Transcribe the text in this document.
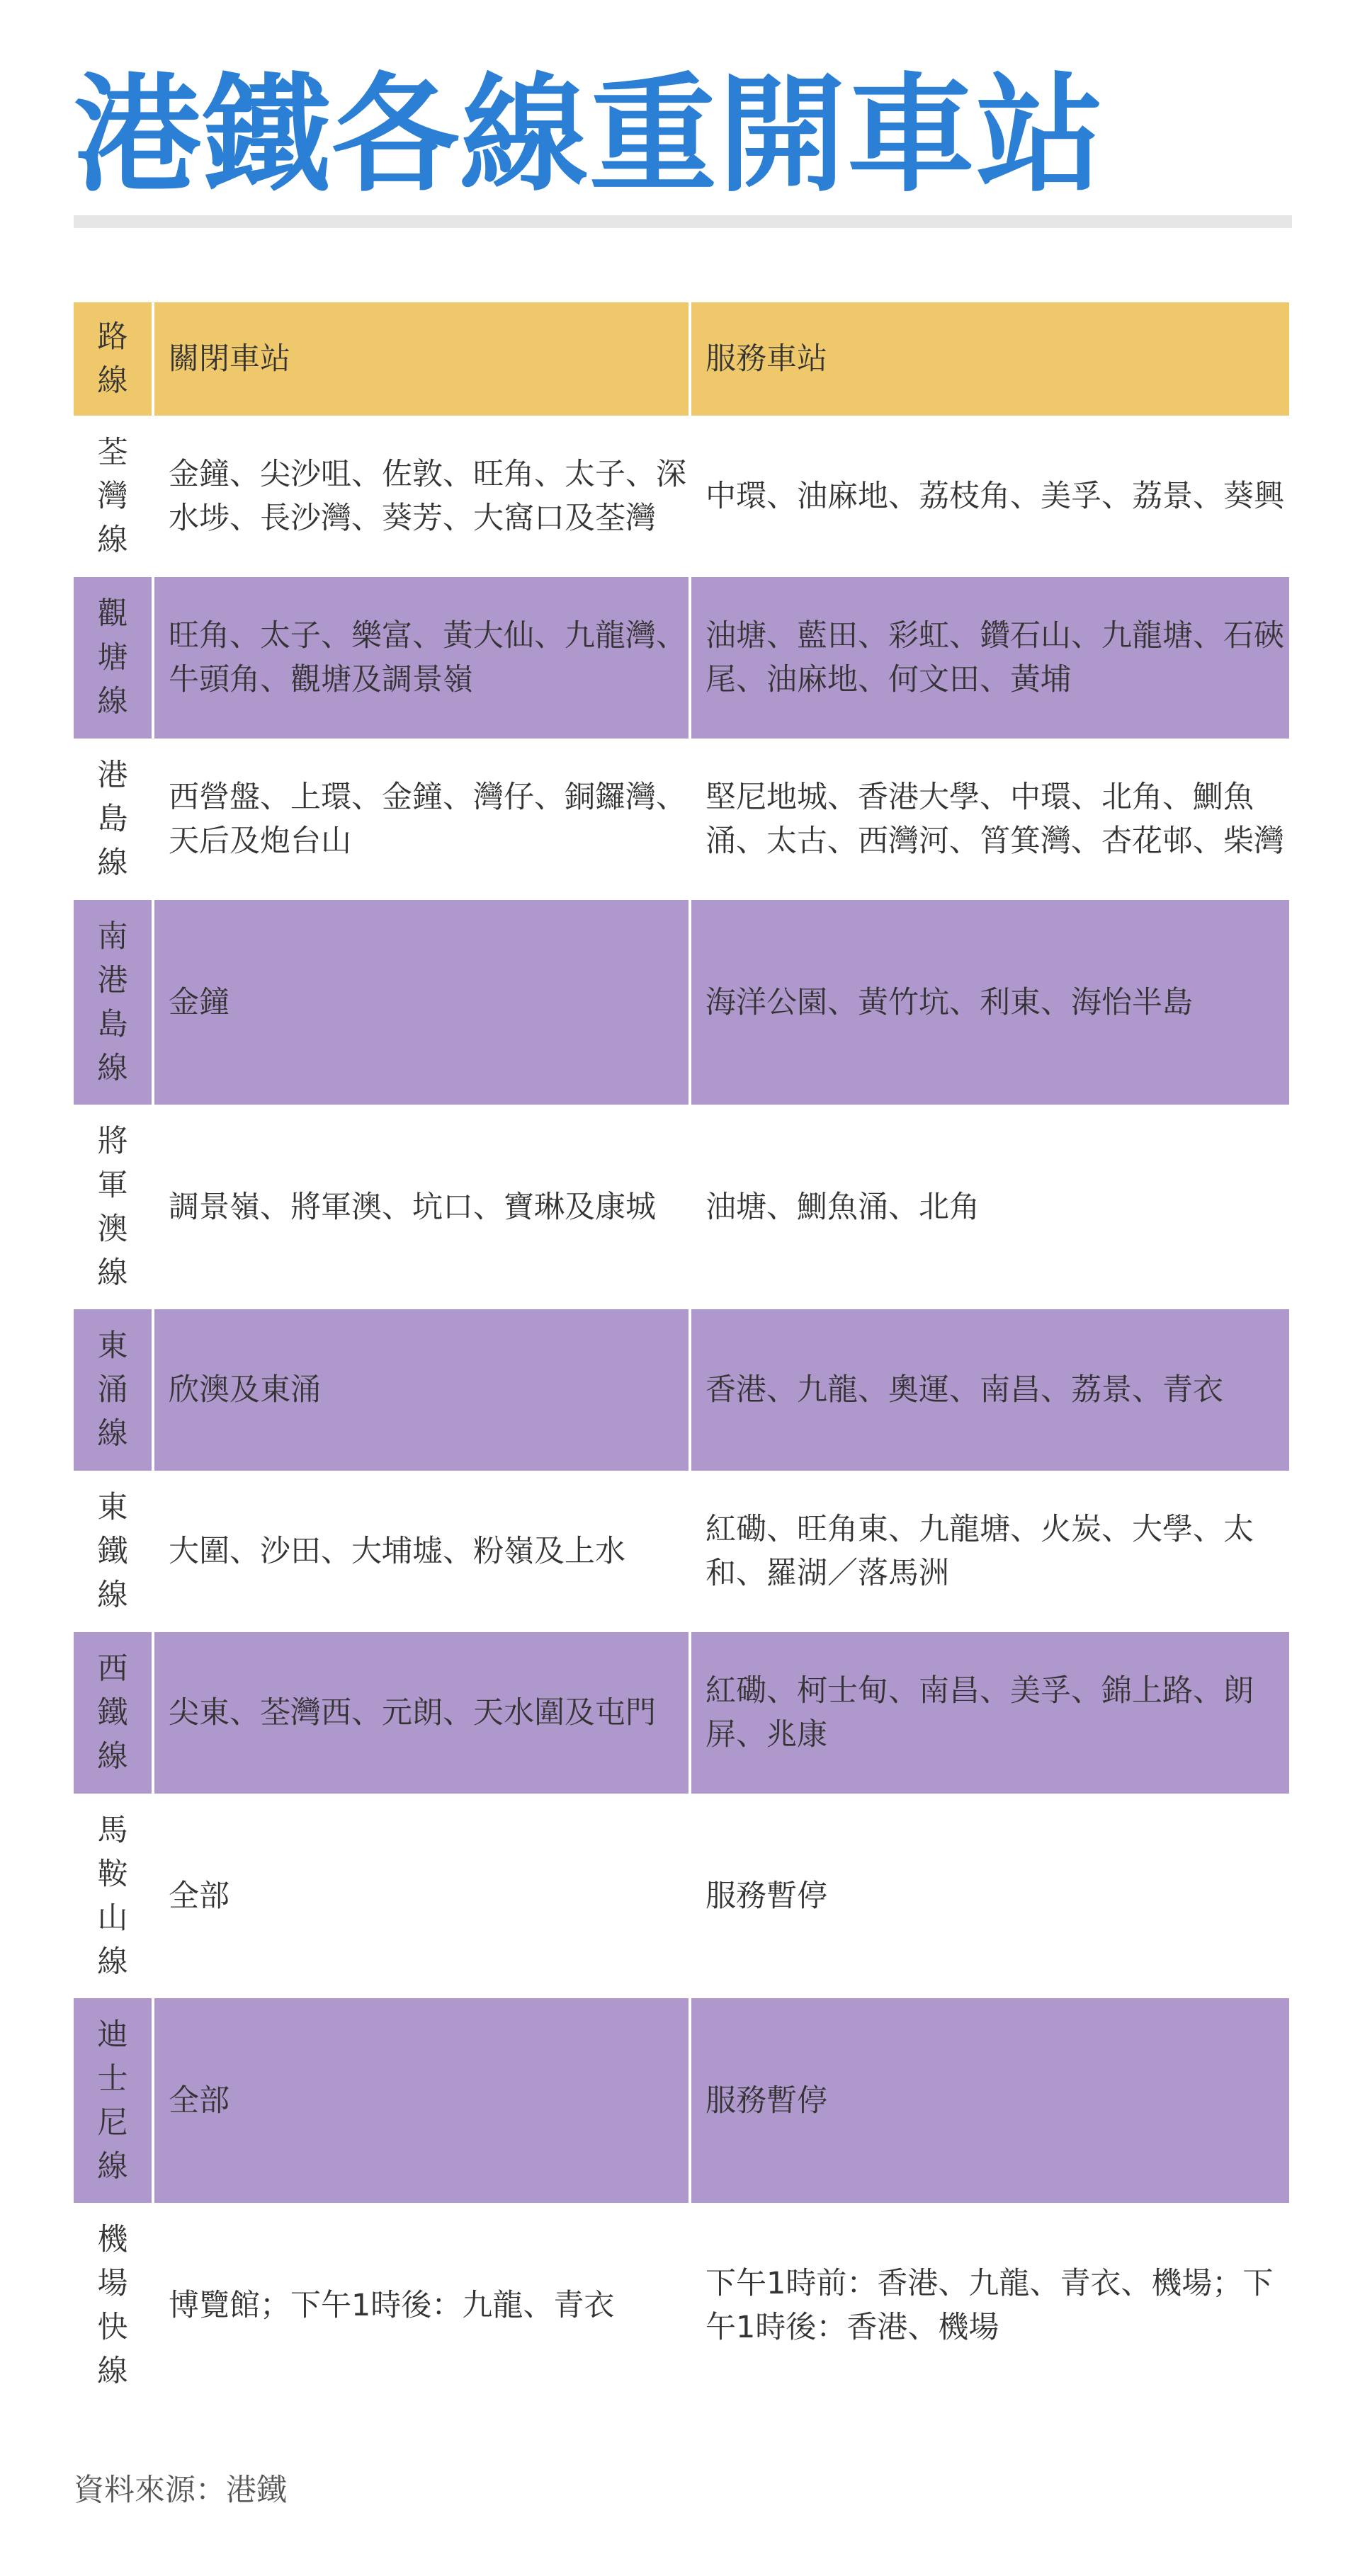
港鐵各線重開車站
路線	關閉車站	服務車站
荃灣線	金鐘、尖沙咀、佐敦、旺角、太子、深水埗、長沙灣、葵芳、大窩口及荃灣	中環、油麻地、荔枝角、美孚、荔景、葵興
觀塘線	旺角、太子、樂富、黃大仙、九龍灣、牛頭角、觀塘及調景嶺	油塘、藍田、彩虹、鑽石山、九龍塘、石硤尾、油麻地、何文田、黃埔
港島線	西營盤、上環、金鐘、灣仔、銅鑼灣、天后及炮台山	堅尼地城、香港大學、中環、北角、鰂魚涌、太古、西灣河、筲箕灣、杏花邨、柴灣
南港島線	金鐘	海洋公園、黃竹坑、利東、海怡半島
將軍澳線	調景嶺、將軍澳、坑口、寶琳及康城	油塘、鰂魚涌、北角
東涌線	欣澳及東涌	香港、九龍、奧運、南昌、荔景、青衣
東鐵線	大圍、沙田、大埔墟、粉嶺及上水	紅磡、旺角東、九龍塘、火炭、大學、太和、羅湖／落馬洲
西鐵線	尖東、荃灣西、元朗、天水圍及屯門	紅磡、柯士甸、南昌、美孚、錦上路、朗屏、兆康
馬鞍山線	全部	服務暫停
迪士尼線	全部	服務暫停
機場快線	博覽館；下午1時後：九龍、青衣	下午1時前：香港、九龍、青衣、機場；下午1時後：香港、機場

資料來源：港鐵
